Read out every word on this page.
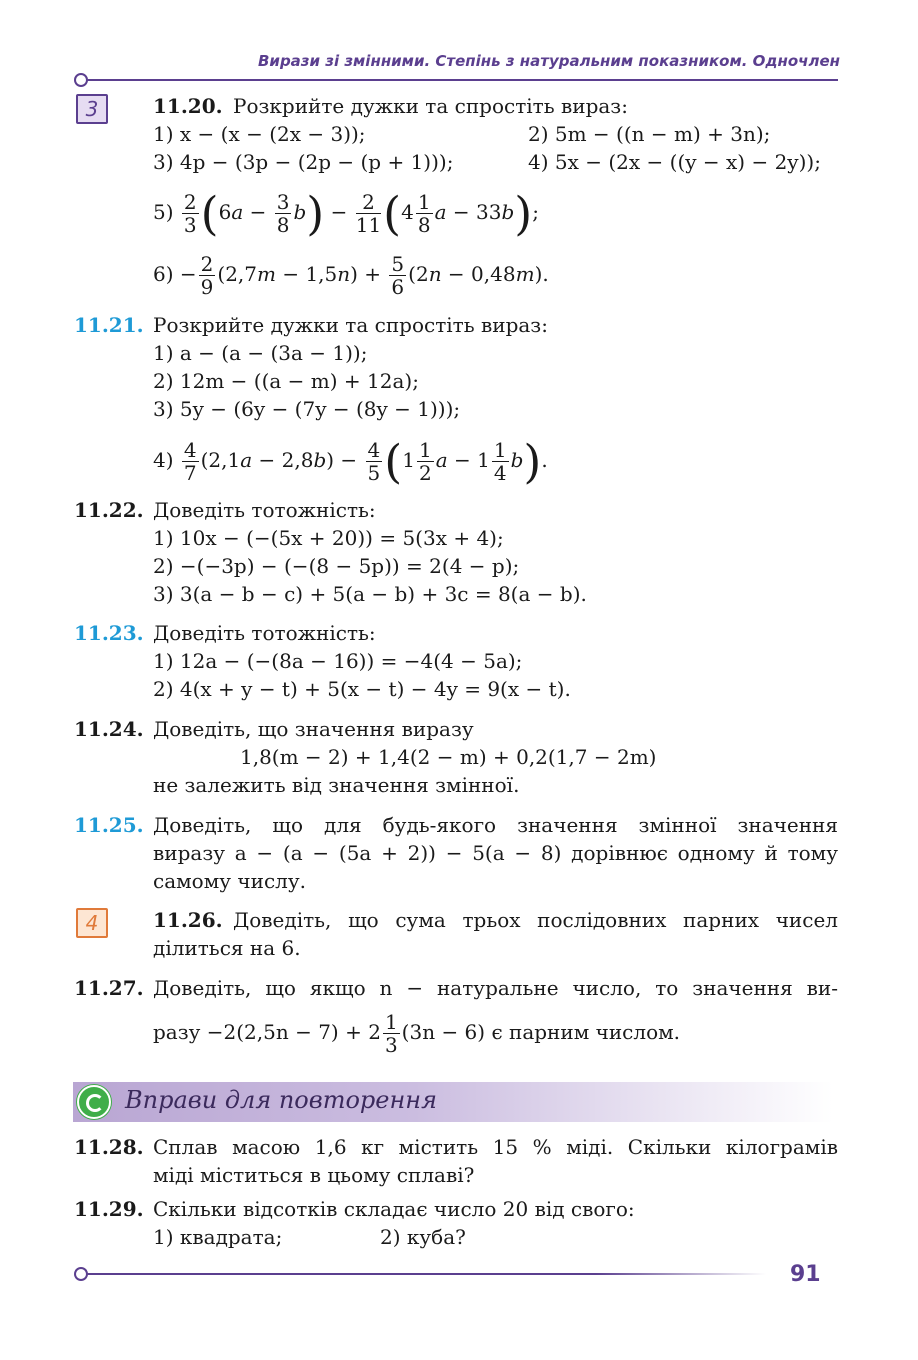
Вирази зі змінними. Степінь з натуральним показником. Одночлен
3	11.20. Розкрийте дужки та спростіть вираз:
1) x − (x − (2x − 3));	2) 5m − ((n − m) + 3n);
3) 4p − (3p − (2p − (p + 1)));	4) 5x − (2x − ((y − x) − 2y));
$5) \frac{2}{3} (6a - \frac{3}{8} b) - \frac{2}{11} (4 \frac{1}{8}$ a − 33b);
$6) - \frac{2}{9} (2,7m - 1,5n) + \frac{5}{6} (2n - 0,48m)$.
11.21. Розкрийте дужки та спростіть вираз:
1) a − (a − (3a − 1));
2) 12m − ((a − m) + 12a);
3) 5y − (6y − (7y − (8y − 1)));
$4) \frac{4}{7} (2,1a - 2,8b) - \frac{4}{5} (1 \frac{1}{2}$ $a - 1 \frac{1}{4} b$).
11.22. Доведіть тотожність:
1) 10x − (−(5x + 20)) = 5(3x + 4);
2) −(−3p) − (−(8 − 5p)) = 2(4 − p);
3) 3(a − b − c) + 5(a − b) + 3c = 8(a − b).
11.23. Доведіть тотожність:
1) 12a − (−(8a − 16)) = −4(4 − 5a);
2) 4(x + y − t) + 5(x − t) − 4y = 9(x − t).
11.24. Доведіть, що значення виразу
1,8(m − 2) + 1,4(2 − m) + 0,2(1,7 − 2m)
не залежить від значення змінної.
11.25. Доведіть, що для будь-якого значення змінної значення
виразу a − (a − (5a + 2)) − 5(a − 8) дорівнює одному й тому
самому числу.
4	11.26. Доведіть, що сума трьох послідовних парних чисел
ділиться на 6.
11.27. Доведіть, що якщо n − натуральне число, то значення ви-
разу $-2(2,5n - 7) + 2 \frac{1}{3} (3n - 6)$ є парним числом.
Вправи для повторення
11.28. Сплав масою 1,6 кг містить 15 % міді. Скільки кілограмів
міді міститься в цьому сплаві?
11.29. Скільки відсотків складає число 20 від свого:
1) квадрата;	2) куба?
91
